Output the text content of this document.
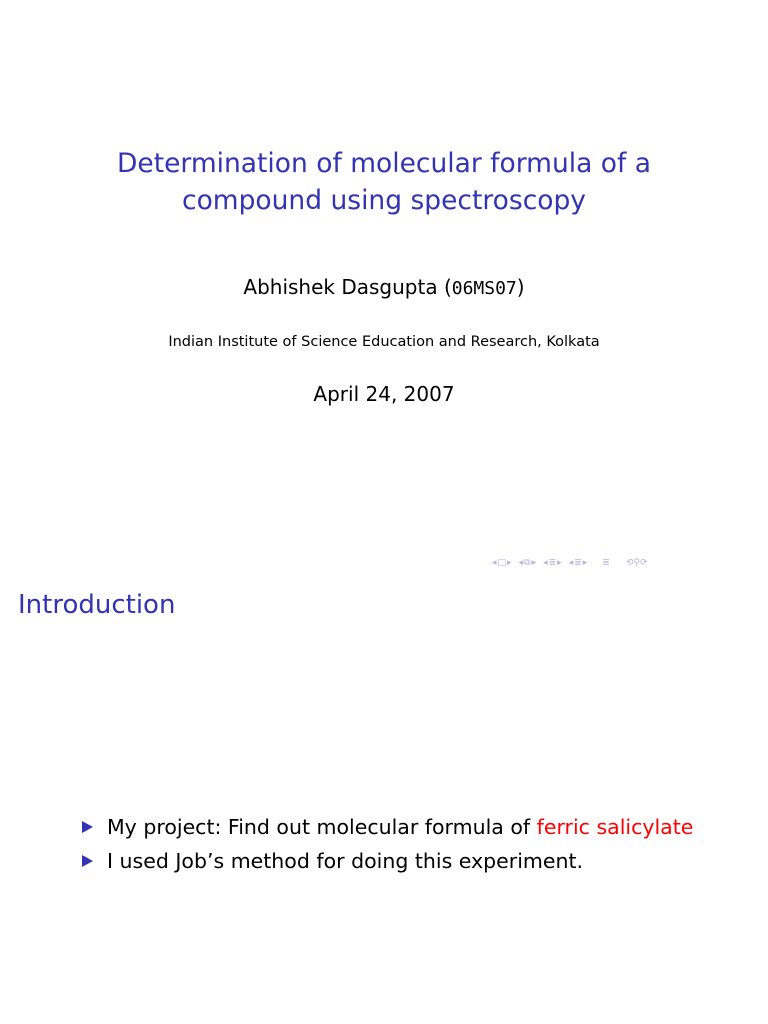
Determination of molecular formula of a
compound using spectroscopy
Abhishek Dasgupta (06MS07)
Indian Institute of Science Education and Research, Kolkata
April 24, 2007
◂□▸ ◂⧉▸ ◂≣▸ ◂≣▸ ≣ ⟲⚲⟳
Introduction
My project: Find out molecular formula of ferric salicylate
I used Job’s method for doing this experiment.
